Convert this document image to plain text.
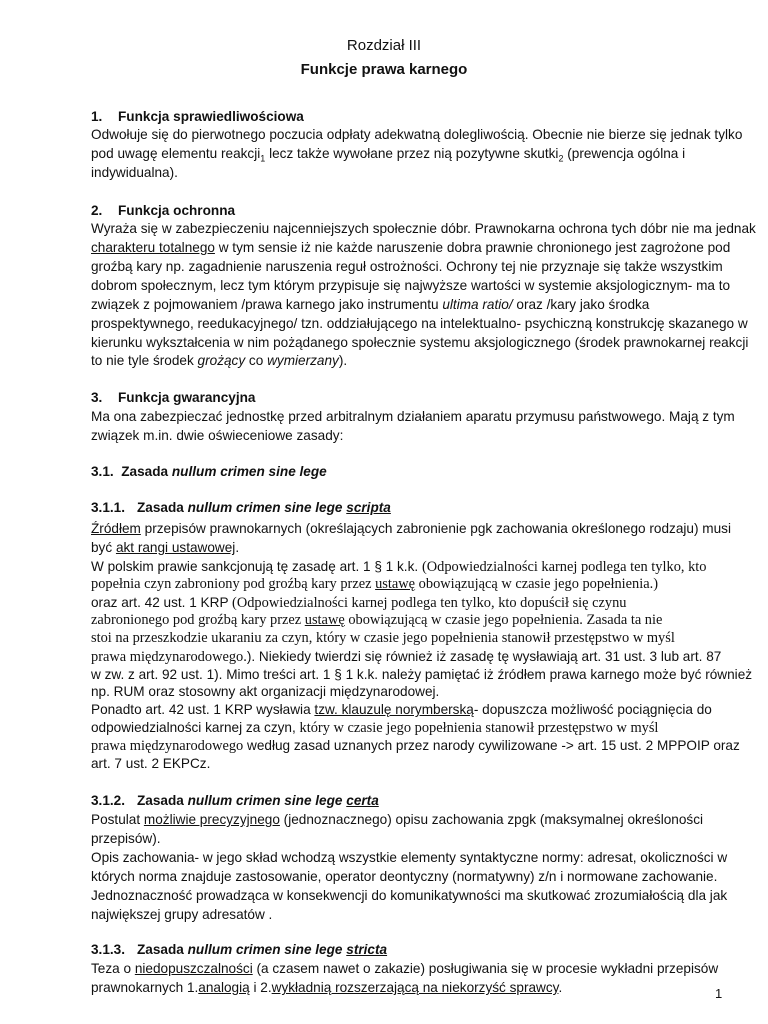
Rozdział III
Funkcje prawa karnego
1. Funkcja sprawiedliwościowa
Odwołuje się do pierwotnego poczucia odpłaty adekwatną dolegliwością. Obecnie nie bierze się jednak tylko
pod uwagę elementu reakcji$_1$ lecz także wywołane przez nią pozytywne skutki$_2$ (prewencja ogólna i
indywidualna).
2. Funkcja ochronna
Wyraża się w zabezpieczeniu najcenniejszych społecznie dóbr. Prawnokarna ochrona tych dóbr nie ma jednak
charakteru totalnego w tym sensie iż nie każde naruszenie dobra prawnie chronionego jest zagrożone pod
groźbą kary np. zagadnienie naruszenia reguł ostrożności. Ochrony tej nie przyznaje się także wszystkim
dobrom społecznym, lecz tym którym przypisuje się najwyższe wartości w systemie aksjologicznym- ma to
związek z pojmowaniem /prawa karnego jako instrumentu ultima ratio/ oraz /kary jako środka
prospektywnego, reedukacyjnego/ tzn. oddziałującego na intelektualno- psychiczną konstrukcję skazanego w
kierunku wykształcenia w nim pożądanego społecznie systemu aksjologicznego (środek prawnokarnej reakcji
to nie tyle środek grożący co wymierzany).
3. Funkcja gwarancyjna
Ma ona zabezpieczać jednostkę przed arbitralnym działaniem aparatu przymusu państwowego. Mają z tym
związek m.in. dwie oświeceniowe zasady:
3.1. Zasada nullum crimen sine lege
3.1.1. Zasada nullum crimen sine lege scripta
Źródłem przepisów prawnokarnych (określających zabronienie pgk zachowania określonego rodzaju) musi
być akt rangi ustawowej.
W polskim prawie sankcjonują tę zasadę art. 1 § 1 k.k. (Odpowiedzialności karnej podlega ten tylko, kto
popełnia czyn zabroniony pod groźbą kary przez ustawę obowiązującą w czasie jego popełnienia.)
oraz art. 42 ust. 1 KRP (Odpowiedzialności karnej podlega ten tylko, kto dopuścił się czynu
zabronionego pod groźbą kary przez ustawę obowiązującą w czasie jego popełnienia. Zasada ta nie
stoi na przeszkodzie ukaraniu za czyn, który w czasie jego popełnienia stanowił przestępstwo w myśl
prawa międzynarodowego.). Niekiedy twierdzi się również iż zasadę tę wysławiają art. 31 ust. 3 lub art. 87
w zw. z art. 92 ust. 1). Mimo treści art. 1 § 1 k.k. należy pamiętać iż źródłem prawa karnego może być również
np. RUM oraz stosowny akt organizacji międzynarodowej.
Ponadto art. 42 ust. 1 KRP wysławia tzw. klauzulę norymberską- dopuszcza możliwość pociągnięcia do
odpowiedzialności karnej za czyn, który w czasie jego popełnienia stanowił przestępstwo w myśl
prawa międzynarodowego według zasad uznanych przez narody cywilizowane -> art. 15 ust. 2 MPPOIP oraz
art. 7 ust. 2 EKPCz.
3.1.2. Zasada nullum crimen sine lege certa
Postulat możliwie precyzyjnego (jednoznacznego) opisu zachowania zpgk (maksymalnej określoności
przepisów).
Opis zachowania- w jego skład wchodzą wszystkie elementy syntaktyczne normy: adresat, okoliczności w
których norma znajduje zastosowanie, operator deontyczny (normatywny) z/n i normowane zachowanie.
Jednoznaczność prowadząca w konsekwencji do komunikatywności ma skutkować zrozumiałością dla jak
największej grupy adresatów .
3.1.3. Zasada nullum crimen sine lege stricta
Teza o niedopuszczalności (a czasem nawet o zakazie) posługiwania się w procesie wykładni przepisów
prawnokarnych 1.analogią i 2.wykładnią rozszerzającą na niekorzyść sprawcy.	1
